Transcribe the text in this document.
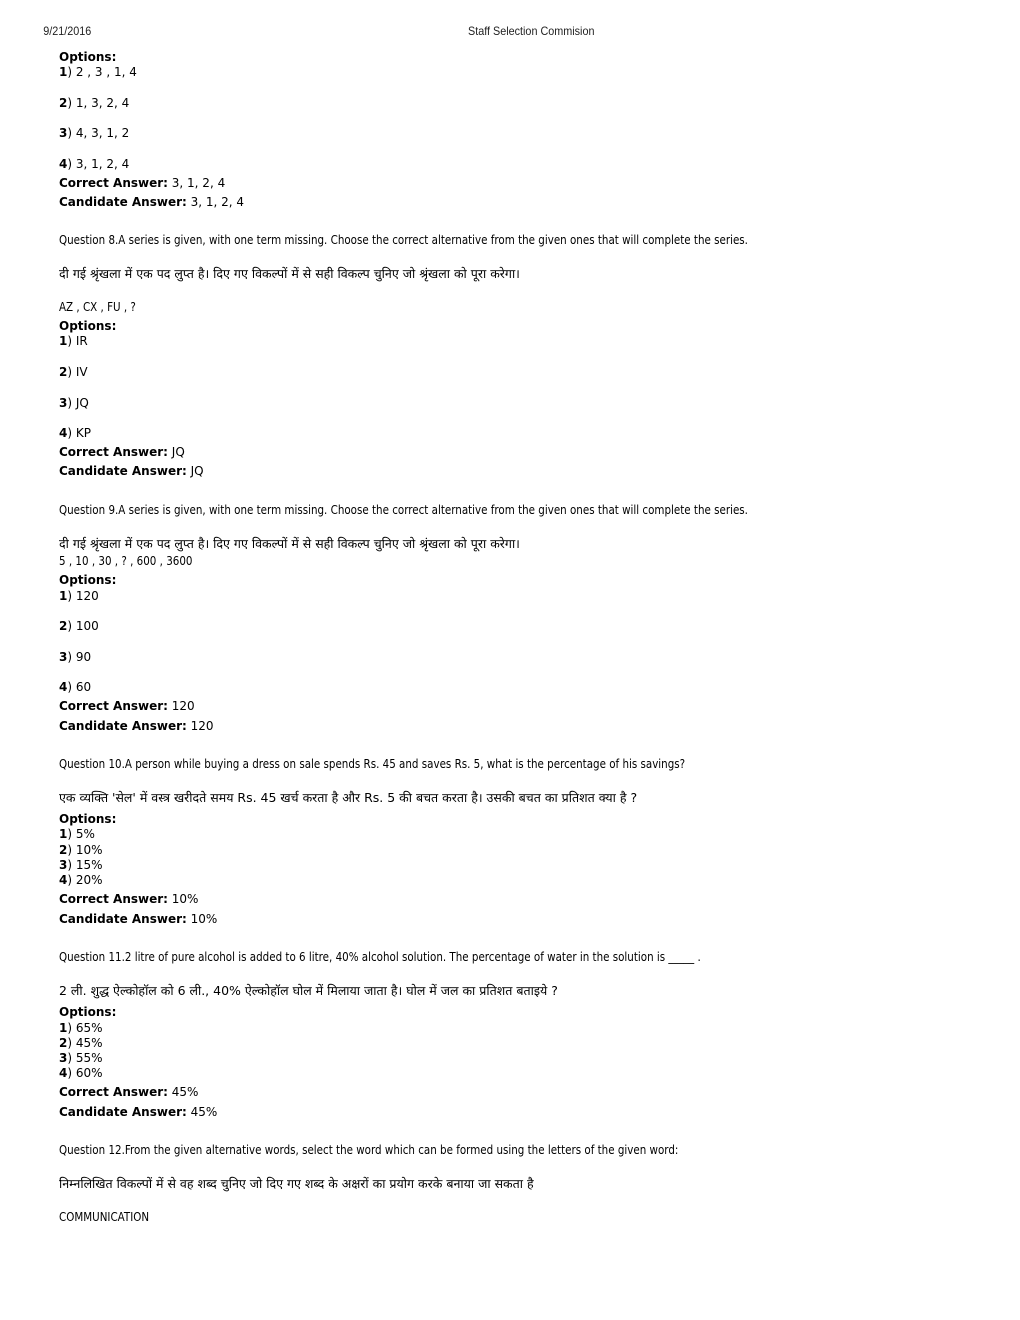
9/21/2016	Staff Selection Commision
Options:
1) 2 , 3 , 1, 4
2) 1, 3, 2, 4
3) 4, 3, 1, 2
4) 3, 1, 2, 4
Correct Answer: 3, 1, 2, 4
Candidate Answer: 3, 1, 2, 4
Question 8.A series is given, with one term missing. Choose the correct alternative from the given ones that will complete the series.
दी गई श्रृंखला में एक पद लुप्त है। दिए गए विकल्पों में से सही विकल्प चुनिए जो श्रृंखला को पूरा करेगा।
AZ , CX , FU , ?
Options:
1) IR
2) IV
3) JQ
4) KP
Correct Answer: JQ
Candidate Answer: JQ
Question 9.A series is given, with one term missing. Choose the correct alternative from the given ones that will complete the series.
दी गई श्रृंखला में एक पद लुप्त है। दिए गए विकल्पों में से सही विकल्प चुनिए जो श्रृंखला को पूरा करेगा।
5 , 10 , 30 , ? , 600 , 3600
Options:
1) 120
2) 100
3) 90
4) 60
Correct Answer: 120
Candidate Answer: 120
Question 10.A person while buying a dress on sale spends Rs. 45 and saves Rs. 5, what is the percentage of his savings?
एक व्यक्ति 'सेल' में वस्त्र खरीदते समय Rs. 45 खर्च करता है और Rs. 5 की बचत करता है। उसकी बचत का प्रतिशत क्या है ?
Options:
1) 5%
2) 10%
3) 15%
4) 20%
Correct Answer: 10%
Candidate Answer: 10%
Question 11.2 litre of pure alcohol is added to 6 litre, 40% alcohol solution. The percentage of water in the solution is _____ .
2 ली. शुद्ध ऐल्कोहॉल को 6 ली., 40% ऐल्कोहॉल घोल में मिलाया जाता है। घोल में जल का प्रतिशत बताइये ?
Options:
1) 65%
2) 45%
3) 55%
4) 60%
Correct Answer: 45%
Candidate Answer: 45%
Question 12.From the given alternative words, select the word which can be formed using the letters of the given word:
निम्नलिखित विकल्पों में से वह शब्द चुनिए जो दिए गए शब्द के अक्षरों का प्रयोग करके बनाया जा सकता है
COMMUNICATION
